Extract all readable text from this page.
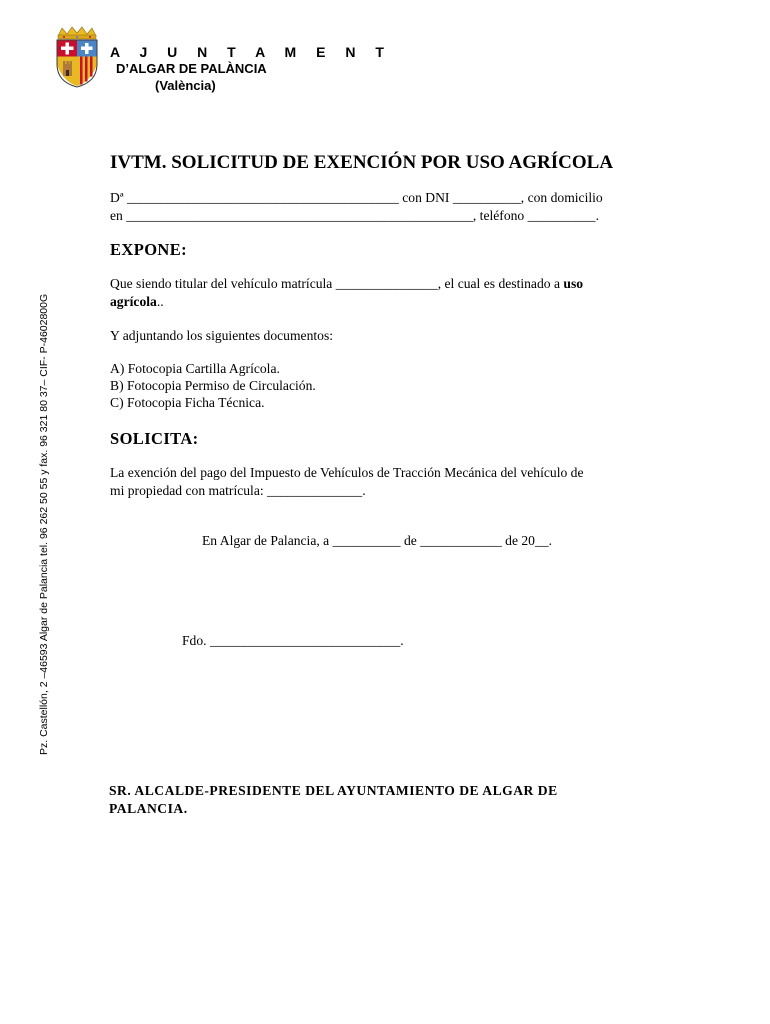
A J U N T A M E N T
D’ALGAR DE PALÀNCIA
(València)
Pz. Castellón, 2 –46593 Algar de Palancia tel. 96 262 50 55 y fax. 96 321 80 37– CIF- P-4602800G
IVTM. SOLICITUD DE EXENCIÓN POR USO AGRÍCOLA

Dª ________________________________________ con DNI __________, con domicilio

en ___________________________________________________, teléfono __________.

EXPONE:

Que siendo titular del vehículo matrícula _______________, el cual es destinado a uso

agrícola..

Y adjuntando los siguientes documentos:

A) Fotocopia Cartilla Agrícola.

B) Fotocopia Permiso de Circulación.

C) Fotocopia Ficha Técnica.

SOLICITA:

La exención del pago del Impuesto de Vehículos de Tracción Mecánica del vehículo de

mi propiedad con matrícula: ______________.

En Algar de Palancia, a __________ de ____________ de 20__.

Fdo. ____________________________.

SR. ALCALDE-PRESIDENTE DEL AYUNTAMIENTO DE ALGAR DE
PALANCIA.
